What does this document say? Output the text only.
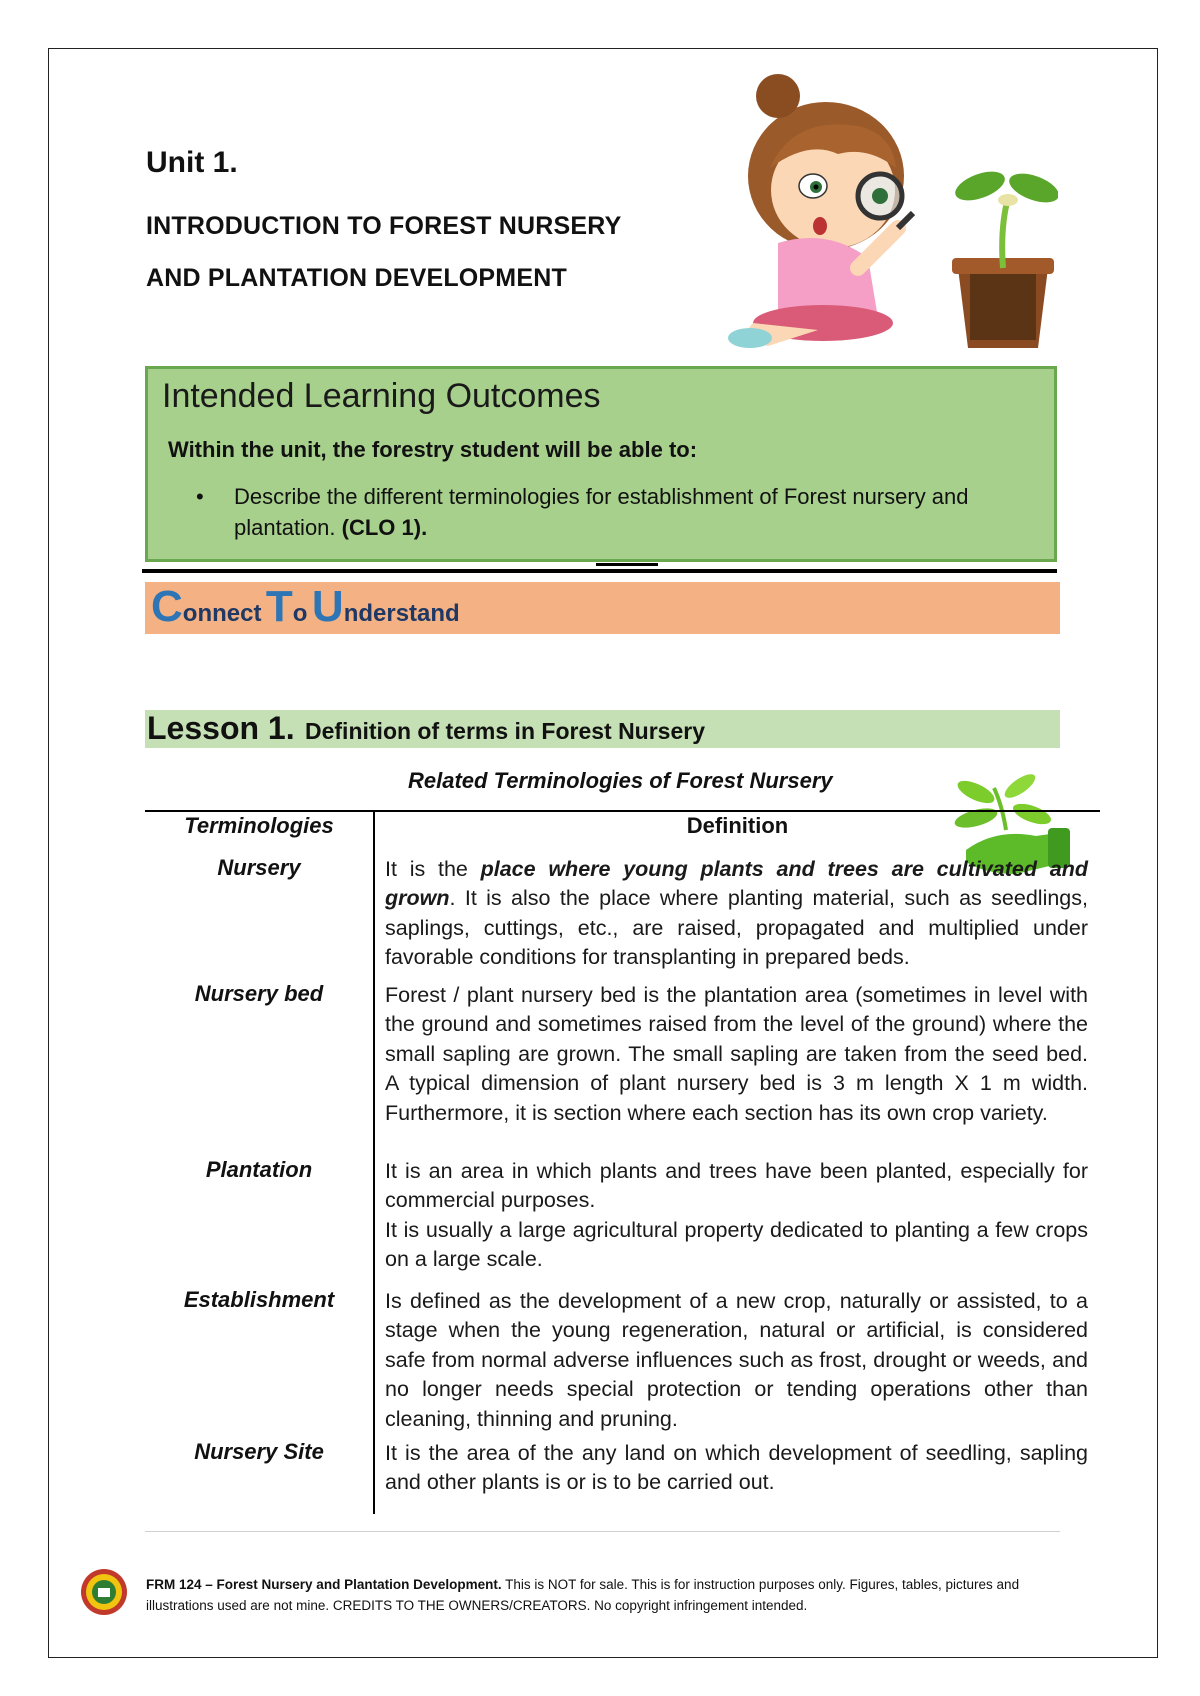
Unit 1.
INTRODUCTION TO FOREST NURSERY
AND PLANTATION DEVELOPMENT
Intended Learning Outcomes
Within the unit, the forestry student will be able to:
• Describe the different terminologies for establishment of Forest nursery and plantation. (CLO 1).
Connect To Understand
Lesson 1. Definition of terms in Forest Nursery
Related Terminologies of Forest Nursery
Terminologies	Definition
Nursery	It is the place where young plants and trees are cultivated and grown. It is also the place where planting material, such as seedlings, saplings, cuttings, etc., are raised, propagated and multiplied under favorable conditions for transplanting in prepared beds.

Nursery bed	Forest / plant nursery bed is the plantation area (sometimes in level with the ground and sometimes raised from the level of the ground) where the small sapling are grown. The small sapling are taken from the seed bed. A typical dimension of plant nursery bed is 3 m length X 1 m width. Furthermore, it is section where each section has its own crop variety.
Plantation	It is an area in which plants and trees have been planted, especially for commercial purposes.

It is usually a large agricultural property dedicated to planting a few crops on a large scale.

Establishment	Is defined as the development of a new crop, naturally or assisted, to a stage when the young regeneration, natural or artificial, is considered safe from normal adverse influences such as frost, drought or weeds, and no longer needs special protection or tending operations other than cleaning, thinning and pruning.
Nursery Site	It is the area of the any land on which development of seedling, sapling and other plants is or is to be carried out.
FRM 124 – Forest Nursery and Plantation Development. This is NOT for sale. This is for instruction purposes only. Figures, tables, pictures and illustrations used are not mine. CREDITS TO THE OWNERS/CREATORS. No copyright infringement intended.
